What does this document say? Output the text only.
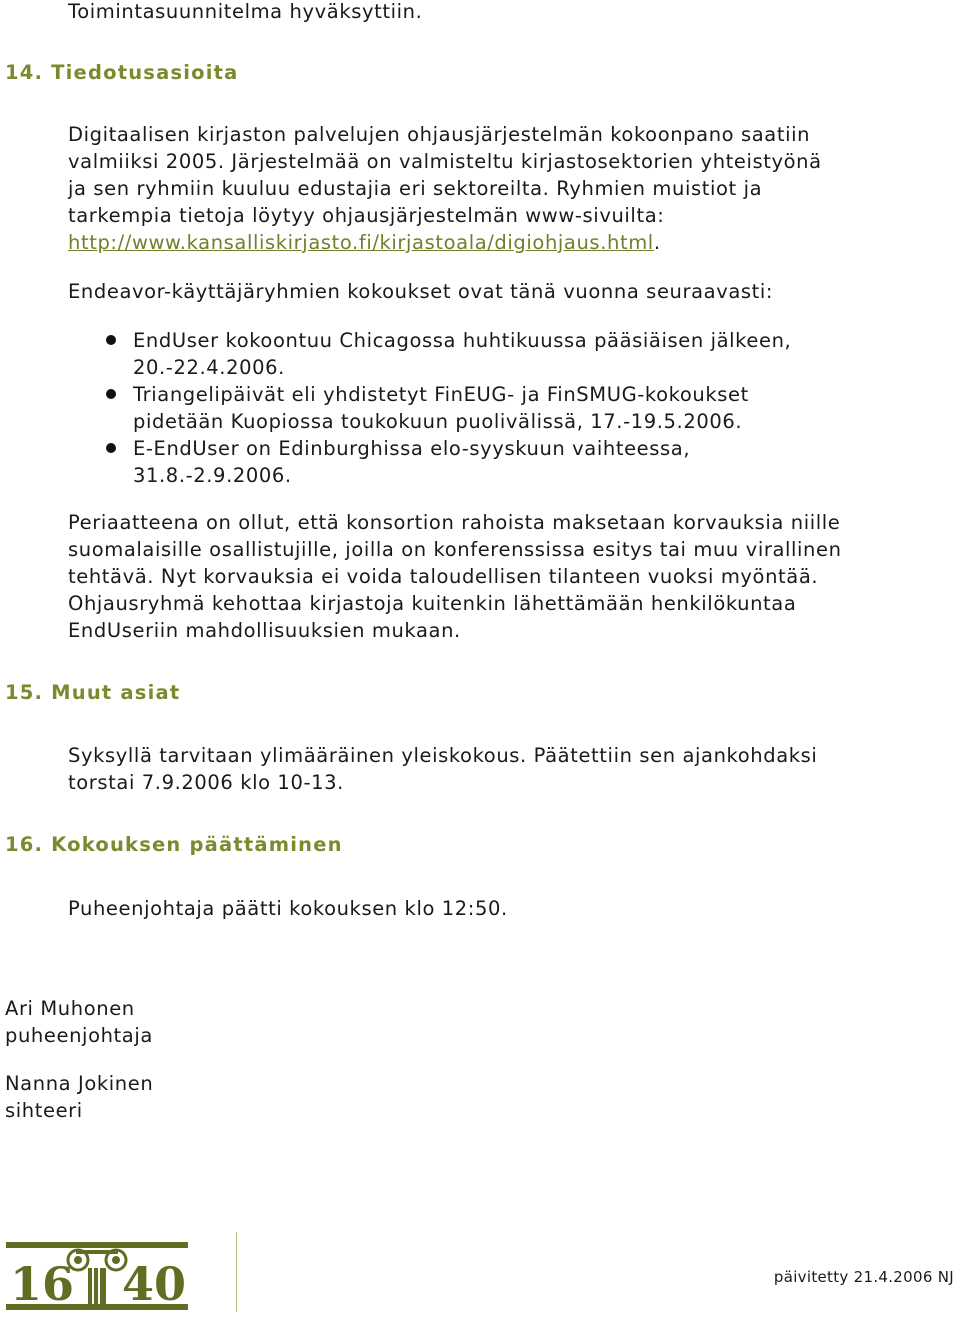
Toimintasuunnitelma hyväksyttiin.
14. Tiedotusasioita
Digitaalisen kirjaston palvelujen ohjausjärjestelmän kokoonpano saatiin
valmiiksi 2005. Järjestelmää on valmisteltu kirjastosektorien yhteistyönä
ja sen ryhmiin kuuluu edustajia eri sektoreilta. Ryhmien muistiot ja
tarkempia tietoja löytyy ohjausjärjestelmän www-sivuilta:
http://www.kansalliskirjasto.fi/kirjastoala/digiohjaus.html.
Endeavor-käyttäjäryhmien kokoukset ovat tänä vuonna seuraavasti:
EndUser kokoontuu Chicagossa huhtikuussa pääsiäisen jälkeen,
20.-22.4.2006.
Triangelipäivät eli yhdistetyt FinEUG- ja FinSMUG-kokoukset
pidetään Kuopiossa toukokuun puolivälissä, 17.-19.5.2006.
E-EndUser on Edinburghissa elo-syyskuun vaihteessa,
31.8.-2.9.2006.
Periaatteena on ollut, että konsortion rahoista maksetaan korvauksia niille
suomalaisille osallistujille, joilla on konferenssissa esitys tai muu virallinen
tehtävä. Nyt korvauksia ei voida taloudellisen tilanteen vuoksi myöntää.
Ohjausryhmä kehottaa kirjastoja kuitenkin lähettämään henkilökuntaa
EndUseriin mahdollisuuksien mukaan.
15. Muut asiat
Syksyllä tarvitaan ylimääräinen yleiskokous. Päätettiin sen ajankohdaksi
torstai 7.9.2006 klo 10-13.
16. Kokouksen päättäminen
Puheenjohtaja päätti kokouksen klo 12:50.
Ari Muhonen
puheenjohtaja
Nanna Jokinen
sihteeri
16 40	päivitetty 21.4.2006 NJ
